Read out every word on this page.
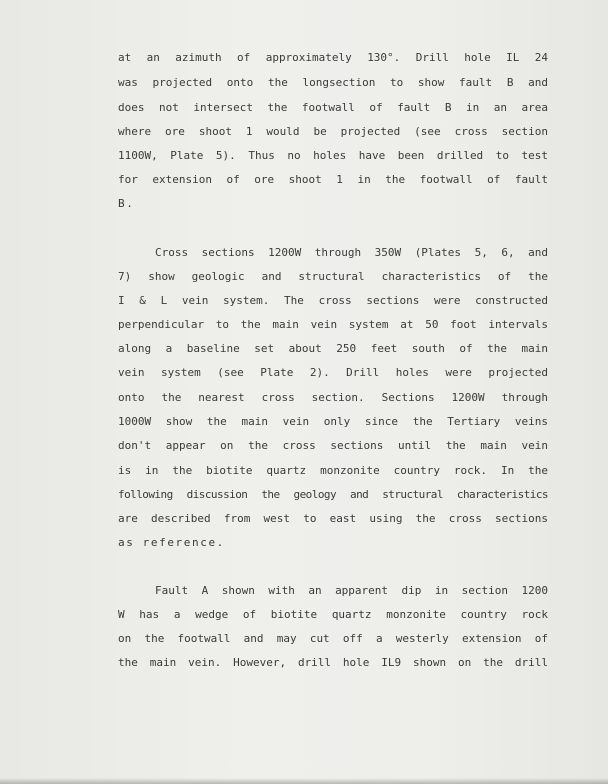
at an azimuth of approximately 130°. Drill hole IL 24

was projected onto the longsection to show fault B and

does not intersect the footwall of fault B in an area

where ore shoot 1 would be projected (see cross section

1100W, Plate 5). Thus no holes have been drilled to test

for extension of ore shoot 1 in the footwall of fault

B.

Cross sections 1200W through 350W (Plates 5, 6, and

7) show geologic and structural characteristics of the

I & L vein system. The cross sections were constructed

perpendicular to the main vein system at 50 foot intervals

along a baseline set about 250 feet south of the main

vein system (see Plate 2). Drill holes were projected

onto the nearest cross section. Sections 1200W through

1000W show the main vein only since the Tertiary veins

don't appear on the cross sections until the main vein

is in the biotite quartz monzonite country rock. In the

following discussion the geology and structural characteristics

are described from west to east using the cross sections

as reference.

Fault A shown with an apparent dip in section 1200

W has a wedge of biotite quartz monzonite country rock

on the footwall and may cut off a westerly extension of

the main vein. However, drill hole IL9 shown on the drill
